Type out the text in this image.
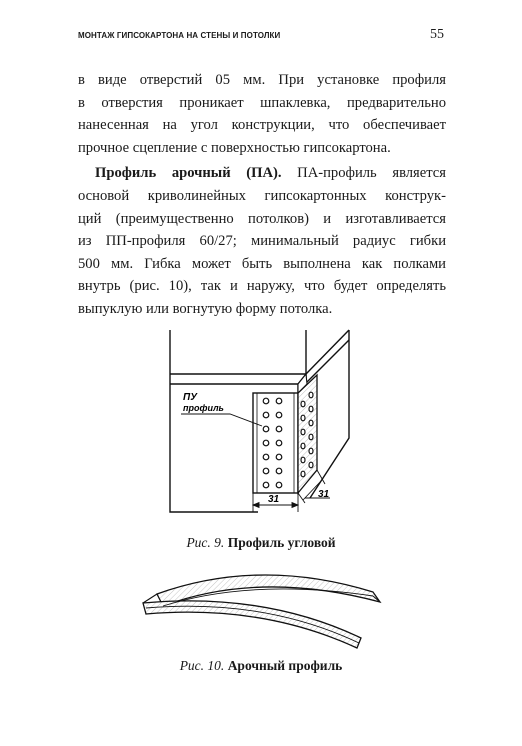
МОНТАЖ ГИПСОКАРТОНА НА СТЕНЫ И ПОТОЛКИ	55

в виде отверстий 05 мм. При установке профиля
в отверстия проникает шпаклевка, предварительно
нанесенная на угол конструкции, что обеспечивает
прочное сцепление с поверхностью гипсокартона.

Профиль арочный (ПА). ПА-профиль является
основой криволинейных гипсокартонных конструк-
ций (преимущественно потолков) и изготавливается
из ПП-профиля 60/27; минимальный радиус гибки
500 мм. Гибка может быть выполнена как полками
внутрь (рис. 10), так и наружу, что будет определять
выпуклую или вогнутую форму потолка.

ПУ
профиль
31	31
Рис. 9. Профиль угловой
Рис. 10. Арочный профиль
